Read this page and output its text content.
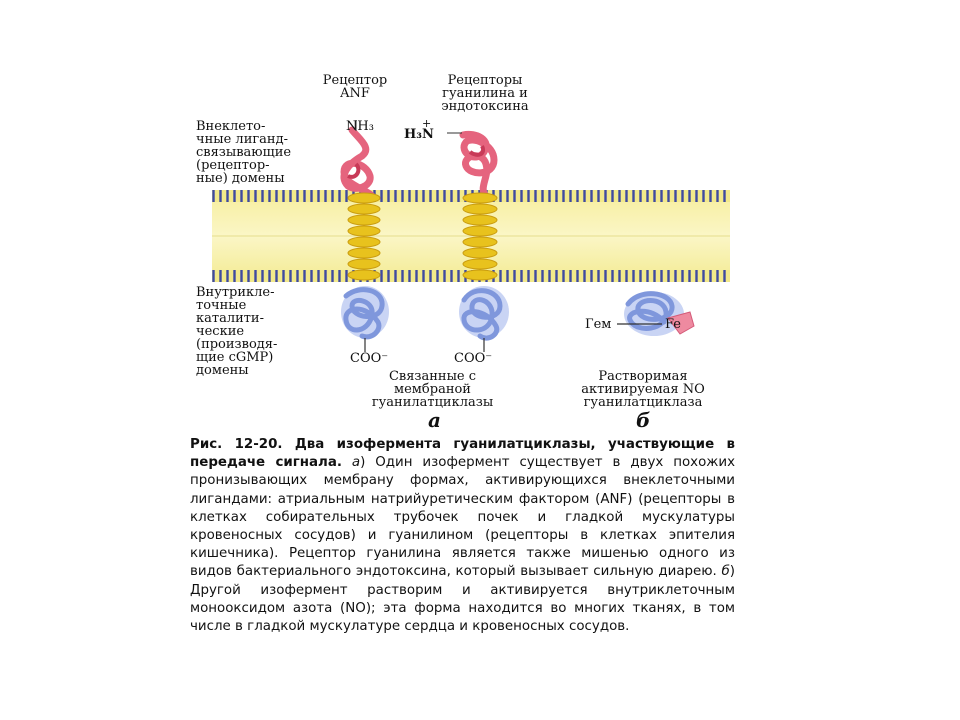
Рецептор
ANF
Рецепторы
гуанилина и
эндотоксина
Внеклето-
чные лиганд-
связывающие
(рецептор-
ные) домены
NH₃	+
H₃N
Внутрикле-
точные
каталити-
ческие
(производя-
щие cGMP)
домены
COO⁻	COO⁻
Гем	Fe
Связанные с
мембраной
гуанилатциклазы
Растворимая
активируемая NO
гуанилатциклаза
а	б

Рис. 12-20. Два изофермента гуанилатциклазы, участвующие в передаче сигнала. а) Один изофермент существует в двух похожих пронизывающих мембрану формах, активирующихся внеклеточными лигандами: атриальным натрийуретическим фактором (ANF) (рецепторы в клетках собирательных трубочек почек и гладкой мускулатуры кровеносных сосудов) и гуанилином (рецепторы в клетках эпителия кишечника). Рецептор гуанилина является также мишенью одного из видов бактериального эндотоксина, который вызывает сильную диарею. б) Другой изофермент растворим и активируется внутриклеточным монооксидом азота (NO); эта форма находится во многих тканях, в том числе в гладкой мускулатуре сердца и кровеносных сосудов.
